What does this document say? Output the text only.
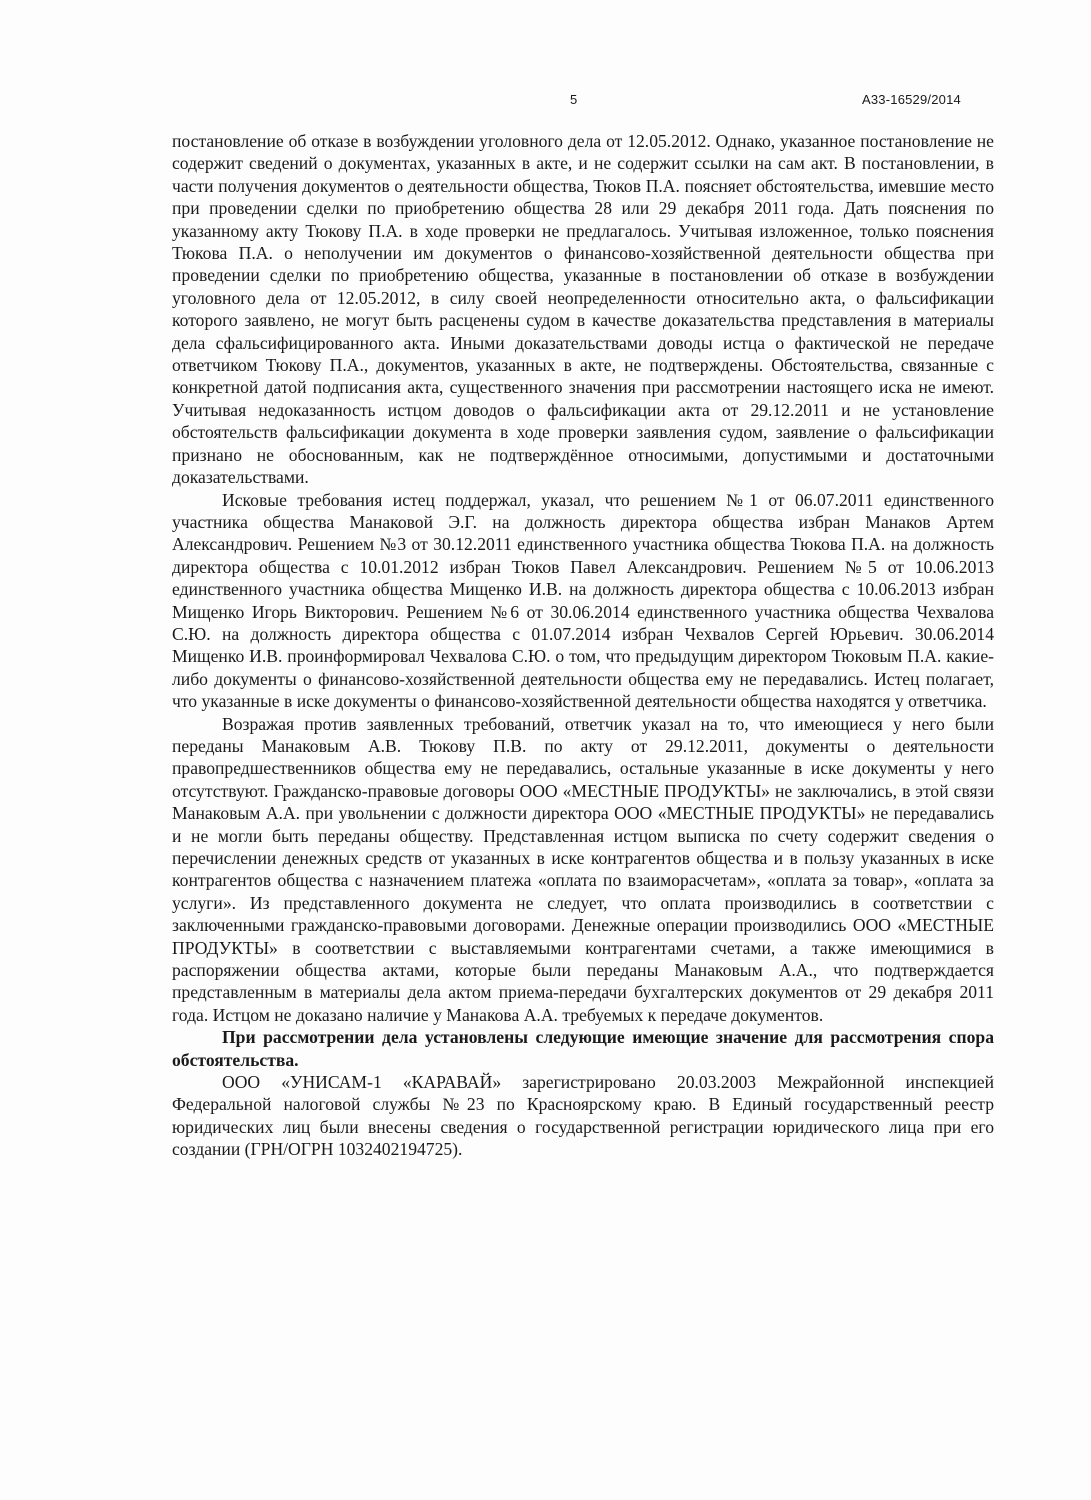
5	А33-16529/2014

постановление об отказе в возбуждении уголовного дела от 12.05.2012. Однако, указанное постановление не содержит сведений о документах, указанных в акте, и не содержит ссылки на сам акт. В постановлении, в части получения документов о деятельности общества, Тюков П.А. поясняет обстоятельства, имевшие место при проведении сделки по приобретению общества 28 или 29 декабря 2011 года. Дать пояснения по указанному акту Тюкову П.А. в ходе проверки не предлагалось. Учитывая изложенное, только пояснения Тюкова П.А. о неполучении им документов о финансово-хозяйственной деятельности общества при проведении сделки по приобретению общества, указанные в постановлении об отказе в возбуждении уголовного дела от 12.05.2012, в силу своей неопределенности относительно акта, о фальсификации которого заявлено, не могут быть расценены судом в качестве доказательства представления в материалы дела сфальсифицированного акта. Иными доказательствами доводы истца о фактической не передаче ответчиком Тюкову П.А., документов, указанных в акте, не подтверждены. Обстоятельства, связанные с конкретной датой подписания акта, существенного значения при рассмотрении настоящего иска не имеют. Учитывая недоказанность истцом доводов о фальсификации акта от 29.12.2011 и не установление обстоятельств фальсификации документа в ходе проверки заявления судом, заявление о фальсификации признано не обоснованным, как не подтверждённое относимыми, допустимыми и достаточными доказательствами.

Исковые требования истец поддержал, указал, что решением №1 от 06.07.2011 единственного участника общества Манаковой Э.Г. на должность директора общества избран Манаков Артем Александрович. Решением №3 от 30.12.2011 единственного участника общества Тюкова П.А. на должность директора общества с 10.01.2012 избран Тюков Павел Александрович. Решением №5 от 10.06.2013 единственного участника общества Мищенко И.В. на должность директора общества с 10.06.2013 избран Мищенко Игорь Викторович. Решением №6 от 30.06.2014 единственного участника общества Чехвалова С.Ю. на должность директора общества с 01.07.2014 избран Чехвалов Сергей Юрьевич. 30.06.2014 Мищенко И.В. проинформировал Чехвалова С.Ю. о том, что предыдущим директором Тюковым П.А. какие-либо документы о финансово-хозяйственной деятельности общества ему не передавались. Истец полагает, что указанные в иске документы о финансово-хозяйственной деятельности общества находятся у ответчика.

Возражая против заявленных требований, ответчик указал на то, что имеющиеся у него были переданы Манаковым А.В. Тюкову П.В. по акту от 29.12.2011, документы о деятельности правопредшественников общества ему не передавались, остальные указанные в иске документы у него отсутствуют. Гражданско-правовые договоры ООО «МЕСТНЫЕ ПРОДУКТЫ» не заключались, в этой связи Манаковым А.А. при увольнении с должности директора ООО «МЕСТНЫЕ ПРОДУКТЫ» не передавались и не могли быть переданы обществу. Представленная истцом выписка по счету содержит сведения о перечислении денежных средств от указанных в иске контрагентов общества и в пользу указанных в иске контрагентов общества с назначением платежа «оплата по взаиморасчетам», «оплата за товар», «оплата за услуги». Из представленного документа не следует, что оплата производились в соответствии с заключенными гражданско-правовыми договорами. Денежные операции производились ООО «МЕСТНЫЕ ПРОДУКТЫ» в соответствии с выставляемыми контрагентами счетами, а также имеющимися в распоряжении общества актами, которые были переданы Манаковым А.А., что подтверждается представленным в материалы дела актом приема-передачи бухгалтерских документов от 29 декабря 2011 года. Истцом не доказано наличие у Манакова А.А. требуемых к передаче документов.

При рассмотрении дела установлены следующие имеющие значение для рассмотрения спора обстоятельства.

ООО «УНИСАМ-1 «КАРАВАЙ» зарегистрировано 20.03.2003 Межрайонной инспекцией Федеральной налоговой службы №23 по Красноярскому краю. В Единый государственный реестр юридических лиц были внесены сведения о государственной регистрации юридического лица при его создании (ГРН/ОГРН 1032402194725).
